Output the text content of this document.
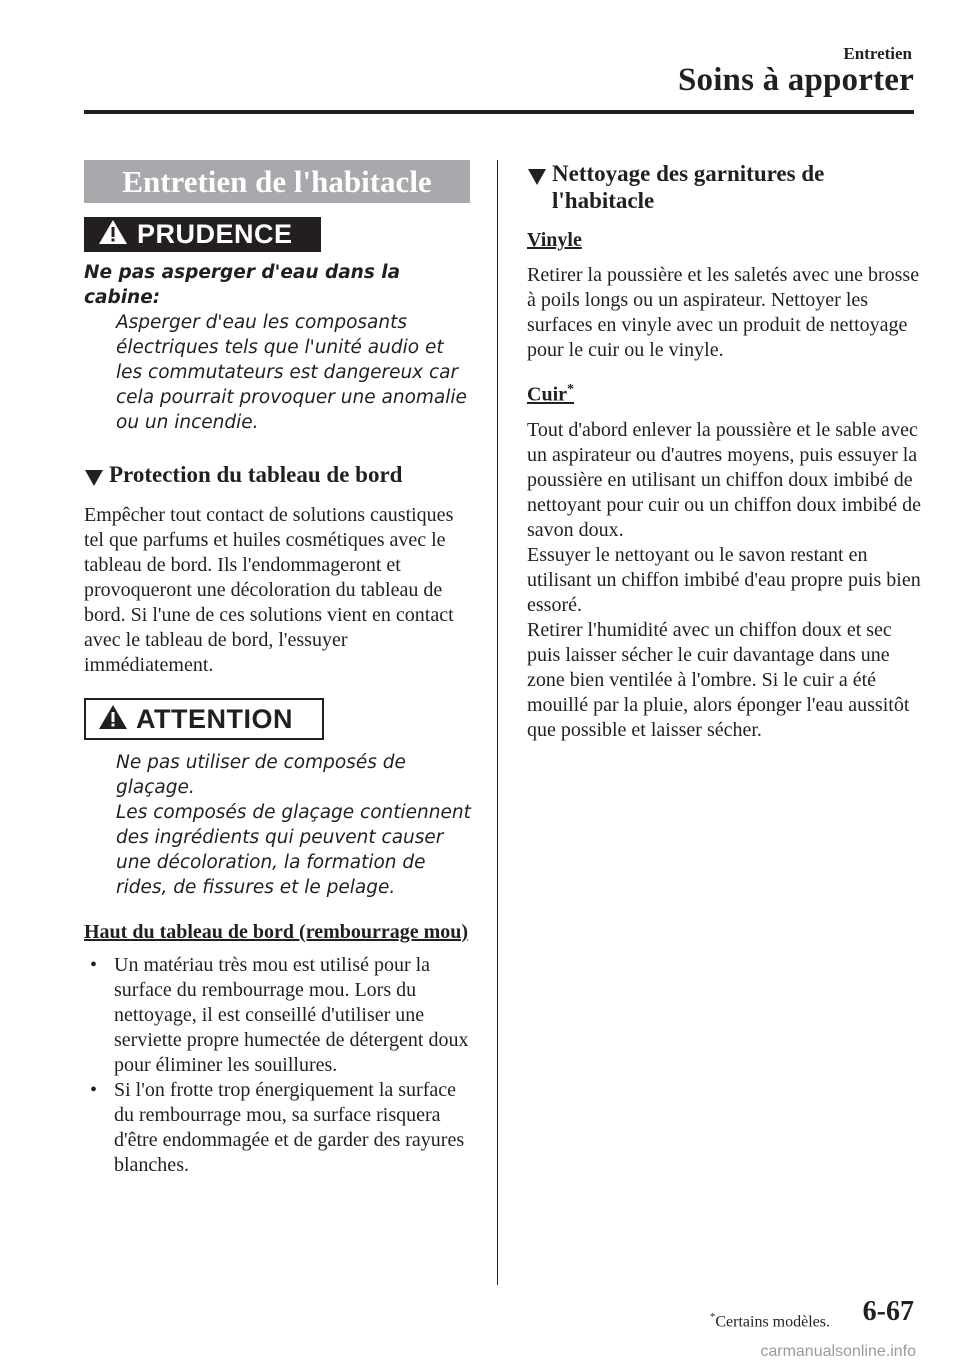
Entretien
Soins à apporter
Entretien de l'habitacle
PRUDENCE
Ne pas asperger d'eau dans la cabine:
Asperger d'eau les composants électriques tels que l'unité audio et les commutateurs est dangereux car cela pourrait provoquer une anomalie ou un incendie.
Protection du tableau de bord
Empêcher tout contact de solutions caustiques tel que parfums et huiles cosmétiques avec le tableau de bord. Ils l'endommageront et provoqueront une décoloration du tableau de bord. Si l'une de ces solutions vient en contact avec le tableau de bord, l'essuyer immédiatement.
ATTENTION
Ne pas utiliser de composés de glaçage.
Les composés de glaçage contiennent des ingrédients qui peuvent causer une décoloration, la formation de rides, de fissures et le pelage.
Haut du tableau de bord (rembourrage mou)
• Un matériau très mou est utilisé pour la surface du rembourrage mou. Lors du nettoyage, il est conseillé d'utiliser une serviette propre humectée de détergent doux pour éliminer les souillures.
• Si l'on frotte trop énergiquement la surface du rembourrage mou, sa surface risquera d'être endommagée et de garder des rayures blanches.
Nettoyage des garnitures de l'habitacle
Vinyle
Retirer la poussière et les saletés avec une brosse à poils longs ou un aspirateur. Nettoyer les surfaces en vinyle avec un produit de nettoyage pour le cuir ou le vinyle.
Cuir*
Tout d'abord enlever la poussière et le sable avec un aspirateur ou d'autres moyens, puis essuyer la poussière en utilisant un chiffon doux imbibé de nettoyant pour cuir ou un chiffon doux imbibé de savon doux.
Essuyer le nettoyant ou le savon restant en utilisant un chiffon imbibé d'eau propre puis bien essoré.
Retirer l'humidité avec un chiffon doux et sec puis laisser sécher le cuir davantage dans une zone bien ventilée à l'ombre. Si le cuir a été mouillé par la pluie, alors éponger l'eau aussitôt que possible et laisser sécher.
*Certains modèles. 6-67
carmanualsonline.info
